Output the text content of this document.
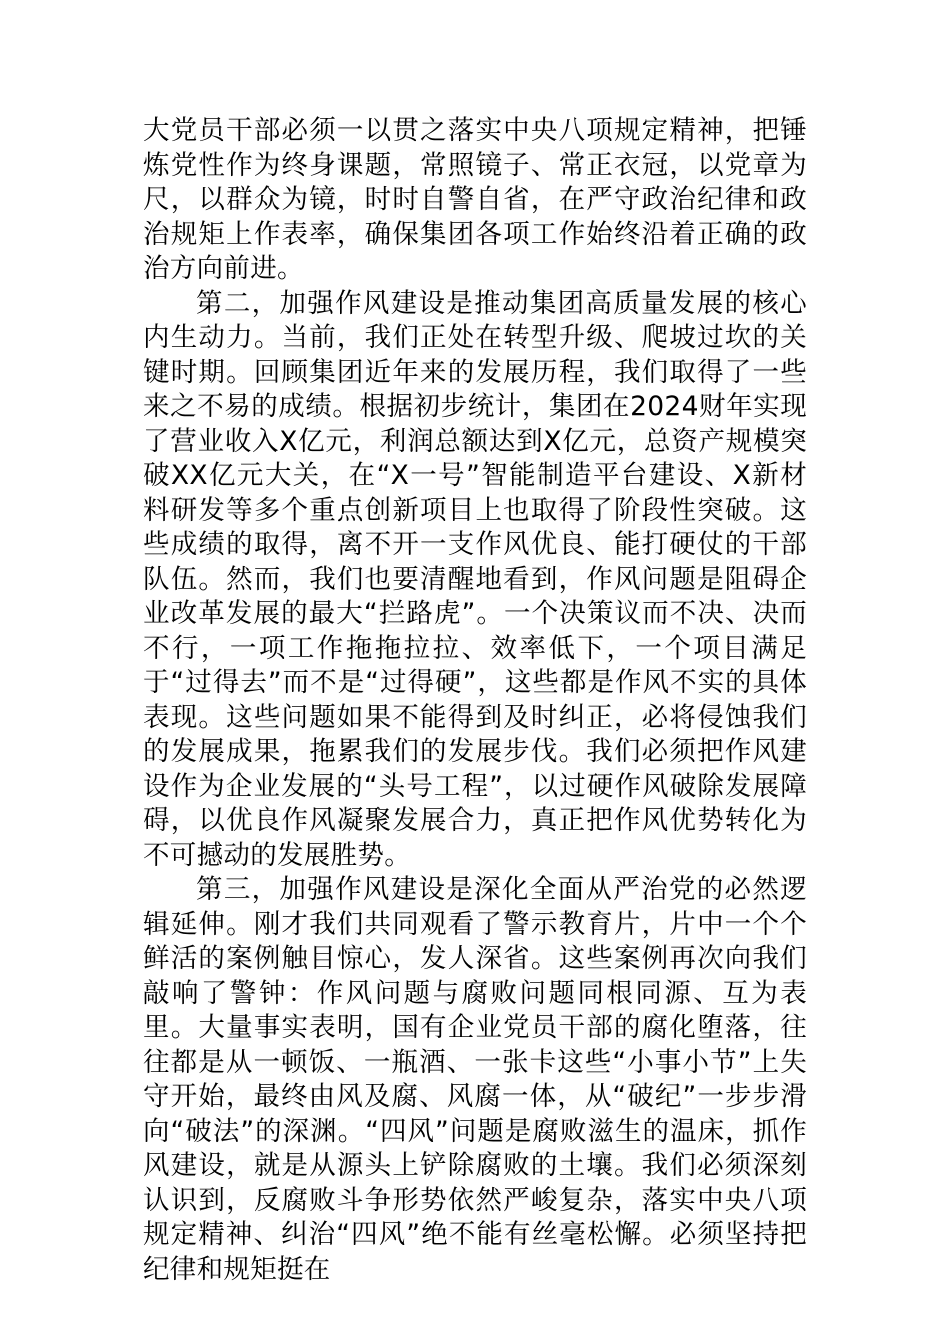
大党员干部必须一以贯之落实中央八项规定精神，把锤炼党性作为终身课题，常照镜子、常正衣冠，以党章为尺，以群众为镜，时时自警自省，在严守政治纪律和政治规矩上作表率，确保集团各项工作始终沿着正确的政治方向前进。

第二，加强作风建设是推动集团高质量发展的核心内生动力。当前，我们正处在转型升级、爬坡过坎的关键时期。回顾集团近年来的发展历程，我们取得了一些来之不易的成绩。根据初步统计，集团在2024财年实现了营业收入X亿元，利润总额达到X亿元，总资产规模突破XX亿元大关，在“X一号”智能制造平台建设、X新材料研发等多个重点创新项目上也取得了阶段性突破。这些成绩的取得，离不开一支作风优良、能打硬仗的干部队伍。然而，我们也要清醒地看到，作风问题是阻碍企业改革发展的最大“拦路虎”。一个决策议而不决、决而不行，一项工作拖拖拉拉、效率低下，一个项目满足于“过得去”而不是“过得硬”，这些都是作风不实的具体表现。这些问题如果不能得到及时纠正，必将侵蚀我们的发展成果，拖累我们的发展步伐。我们必须把作风建设作为企业发展的“头号工程”，以过硬作风破除发展障碍，以优良作风凝聚发展合力，真正把作风优势转化为不可撼动的发展胜势。

第三，加强作风建设是深化全面从严治党的必然逻辑延伸。刚才我们共同观看了警示教育片，片中一个个鲜活的案例触目惊心，发人深省。这些案例再次向我们敲响了警钟：作风问题与腐败问题同根同源、互为表里。大量事实表明，国有企业党员干部的腐化堕落，往往都是从一顿饭、一瓶酒、一张卡这些“小事小节”上失守开始，最终由风及腐、风腐一体，从“破纪”一步步滑向“破法”的深渊。“四风”问题是腐败滋生的温床，抓作风建设，就是从源头上铲除腐败的土壤。我们必须深刻认识到，反腐败斗争形势依然严峻复杂，落实中央八项规定精神、纠治“四风”绝不能有丝毫松懈。必须坚持把纪律和规矩挺在
